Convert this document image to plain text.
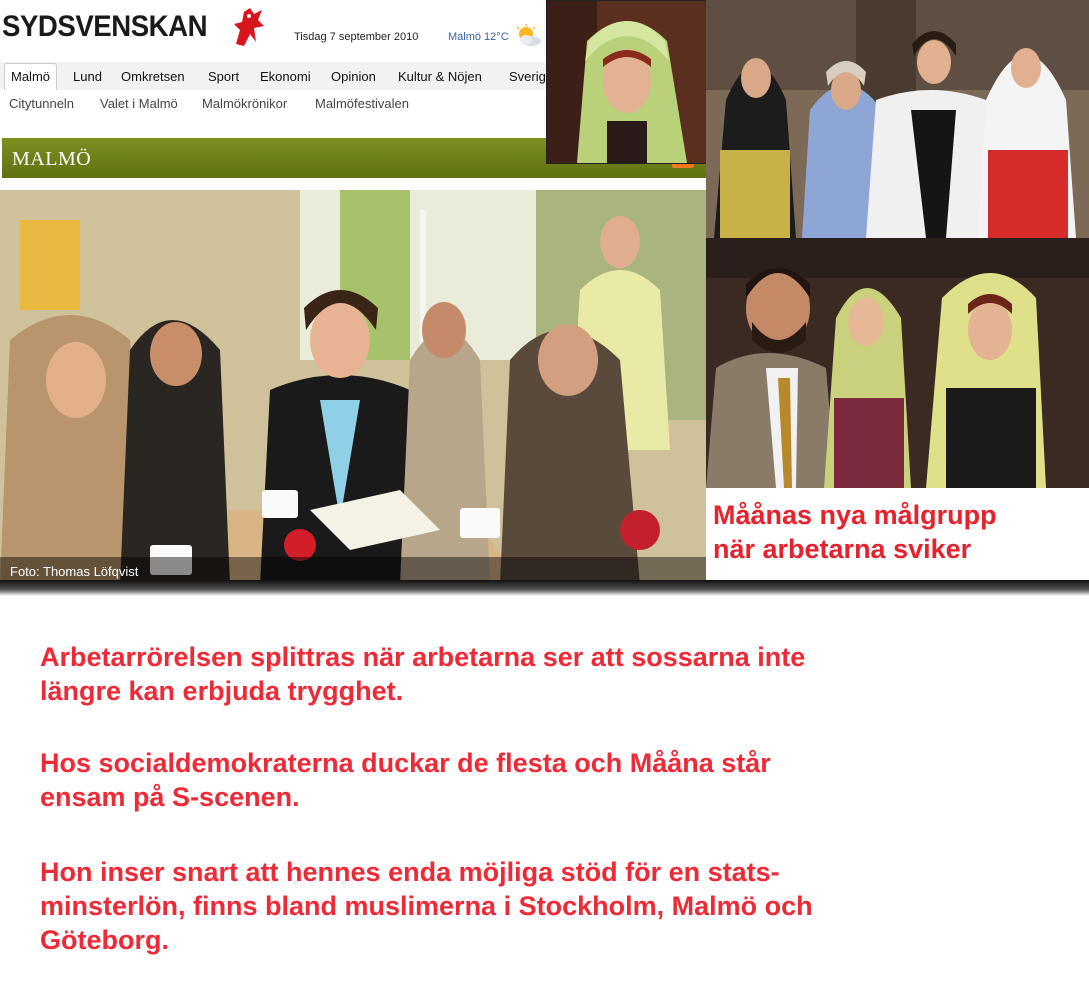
SYDSVENSKAN	Tisdag 7 september 2010	Malmö 12°C
Malmö	Lund Omkretsen Sport Ekonomi Opinion Kultur & Nöjen Sverig
Citytunneln Valet i Malmö Malmökrönikor Malmöfestivalen
MALMÖ
Måånas nya målgrupp
när arbetarna sviker
Foto: Thomas Löfqvist
Arbetarrörelsen splittras när arbetarna ser att sossarna inte
längre kan erbjuda trygghet.
Hos socialdemokraterna duckar de flesta och Mååna står
ensam på S-scenen.
Hon inser snart att hennes enda möjliga stöd för en stats-
minsterlön, finns bland muslimerna i Stockholm, Malmö och
Göteborg.
